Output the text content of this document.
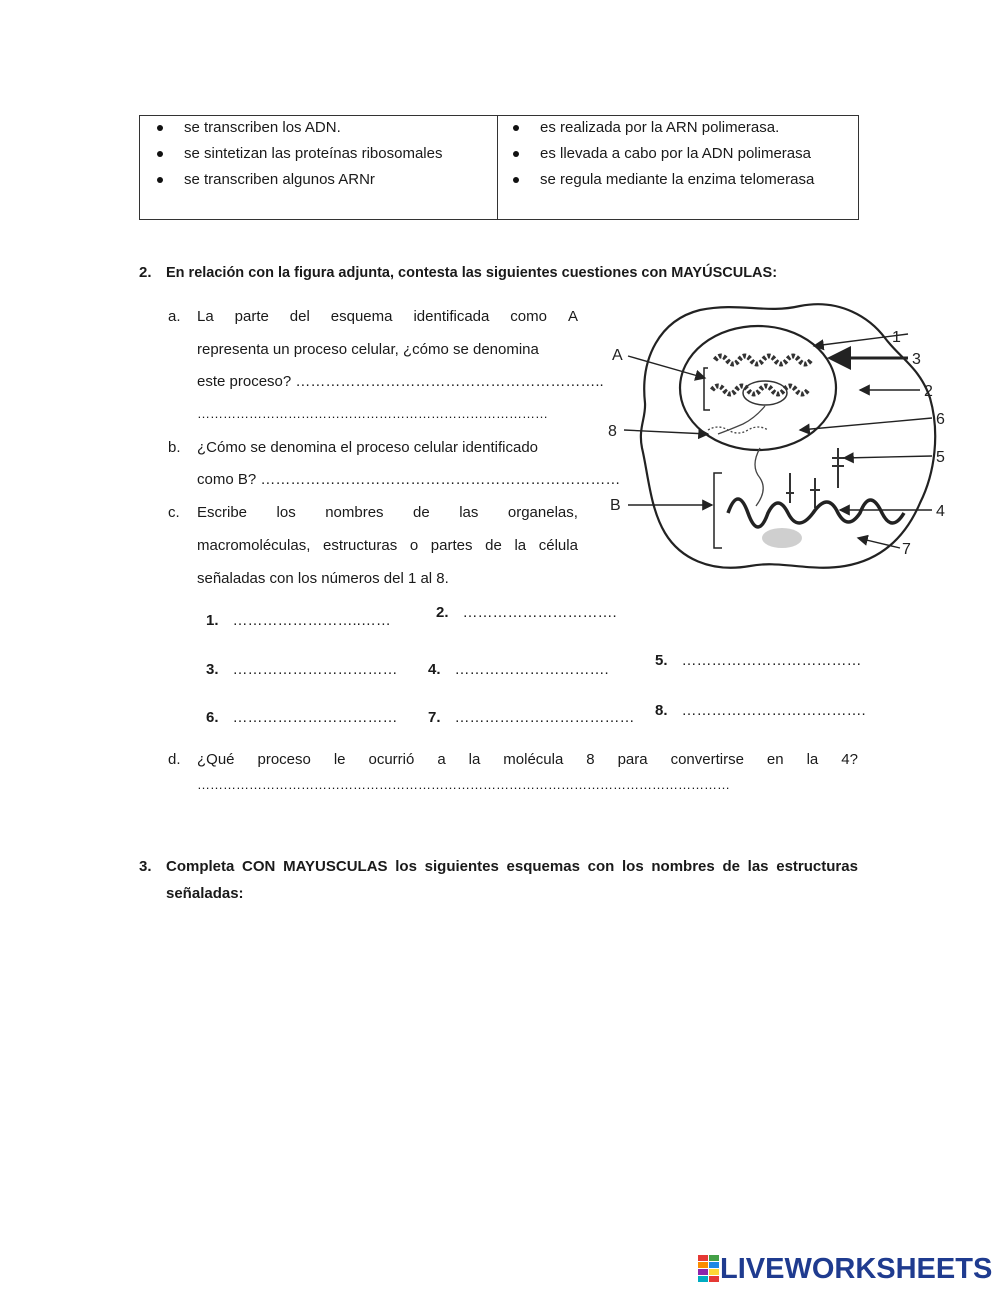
se transcriben los ADN.
se sintetizan las proteínas ribosomales
se transcriben algunos ARNr
es realizada por la ARN polimerasa.
es llevada a cabo por la ADN polimerasa
se regula mediante la enzima telomerasa
2. En relación con la figura adjunta, contesta las siguientes cuestiones con MAYÚSCULAS:
a. La parte del esquema identificada como A
representa un proceso celular, ¿cómo se denomina
este proceso? ……………………………………………………..
………………………………………………………………………
b. ¿Cómo se denomina el proceso celular identificado
como B? ………………………………………………………………
c. Escribe los nombres de las organelas,
macromoléculas, estructuras o partes de la célula
señaladas con los números del 1 al 8.
1. ……………………..……	2. ………………………….
3. …………………………… 4. ………………………….
5. ………………………………
6. …………………………… 7. ……………………………… 8. ……………………………….
d. ¿Qué proceso le ocurrió a la molécula 8 para convertirse en la 4?
……………………………………………………………………………………………………………
A
8
B
1
3
2
6
5
4
7
3. Completa CON MAYUSCULAS los siguientes esquemas con los nombres de las estructuras
señaladas:
LIVEWORKSHEETS
